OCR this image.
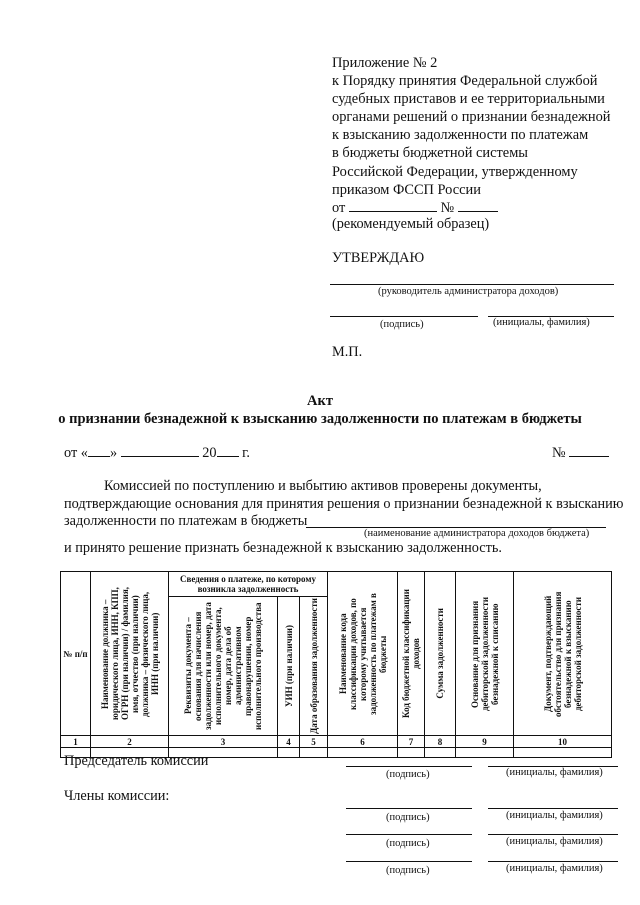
Приложение № 2
к Порядку принятия Федеральной службой
судебных приставов и ее территориальными
органами решений о признании безнадежной
к взысканию задолженности по платежам
в бюджеты бюджетной системы
Российской Федерации, утвержденному
приказом ФССП России
от	№
(рекомендуемый образец)
УТВЕРЖДАЮ
(руководитель администратора доходов)
(подпись)	(инициалы, фамилия)
М.П.
Акт
о признании безнадежной к взысканию задолженности по платежам в бюджеты
от « »	20 г.	№
Комиссией по поступлению и выбытию активов проверены документы,
подтверждающие основания для принятия решения о признании безнадежной к взысканию
задолженности по платежам в бюджеты
(наименование администратора доходов бюджета)
и принято решение признать безнадежной к взысканию задолженность.
№ п/п	Наименование должника – юридического лица, ИНН, КПП, ОГРН (при наличии) / фамилия, имя, отчество (при наличии) должника – физического лица, ИНН (при наличии)	Сведения о платеже, по которому возникла задолженность			Наименование кода классификации доходов, по которому учитывается задолженность по платежам в бюджеты	Код бюджетной классификации доходов	Сумма задолженности	Основание для признания дебиторской задолженности безнадежной к списанию	Документ, подтверждающий обстоятельство для признания безнадежной к взысканию дебиторской задолженности

		Реквизиты документа – основания для начисления задолженности или номер, дата исполнительного документа, номер, дата дела об административном правонарушении, номер исполнительного производства	УИН (при наличии)	Дата образования задолженности					

1	2	3	4	5	6	7	8	9	10

Председатель комиссии
(подпись)	(инициалы, фамилия)
Члены комиссии:
(подпись)	(инициалы, фамилия)
(подпись)	(инициалы, фамилия)
(подпись)	(инициалы, фамилия)
